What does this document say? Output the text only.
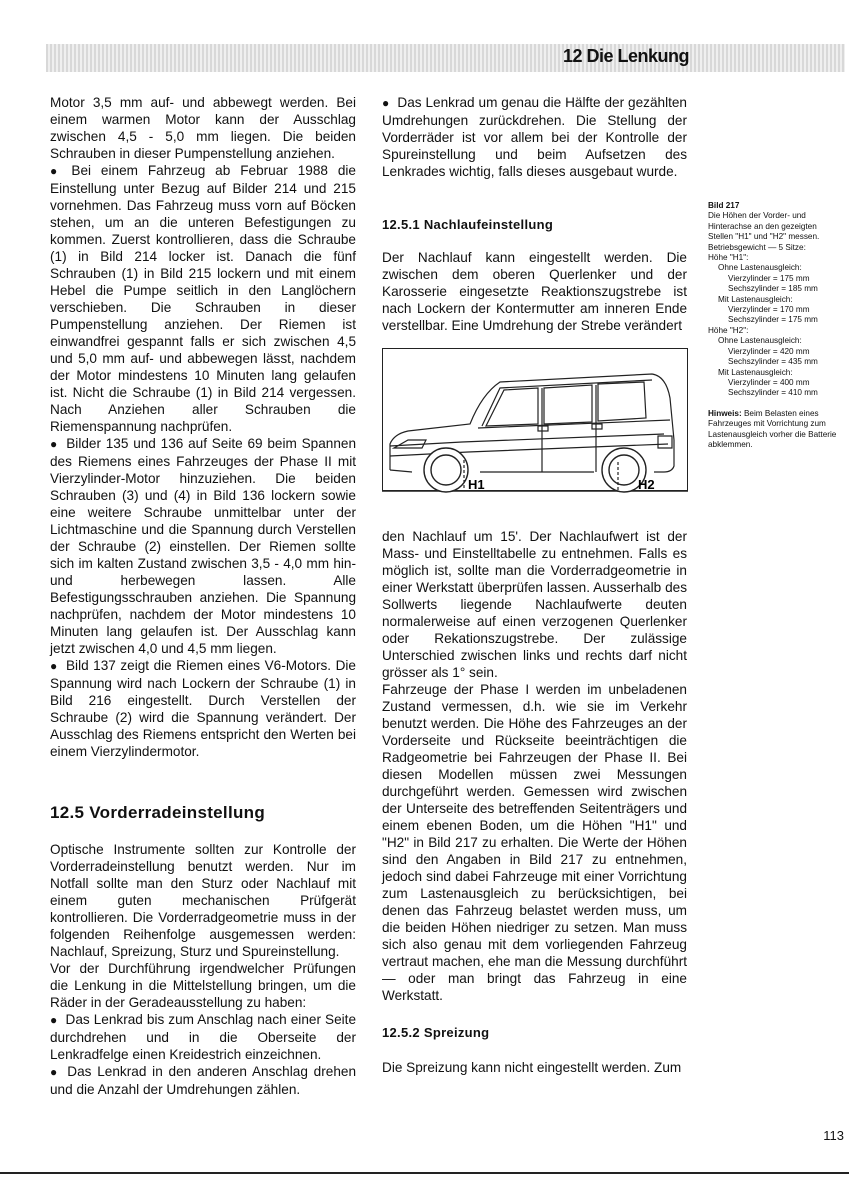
12 Die Lenkung

Motor 3,5 mm auf- und abbewegt werden. Bei einem warmen Motor kann der Ausschlag zwischen 4,5 - 5,0 mm liegen. Die beiden Schrauben in dieser Pumpenstellung anziehen.

● Bei einem Fahrzeug ab Februar 1988 die Einstellung unter Bezug auf Bilder 214 und 215 vornehmen. Das Fahrzeug muss vorn auf Böcken stehen, um an die unteren Befestigungen zu kommen. Zuerst kontrollieren, dass die Schraube (1) in Bild 214 locker ist. Danach die fünf Schrauben (1) in Bild 215 lockern und mit einem Hebel die Pumpe seitlich in den Langlöchern verschieben. Die Schrauben in dieser Pumpenstellung anziehen. Der Riemen ist einwandfrei gespannt falls er sich zwischen 4,5 und 5,0 mm auf- und abbewegen lässt, nachdem der Motor mindestens 10 Minuten lang gelaufen ist. Nicht die Schraube (1) in Bild 214 vergessen. Nach Anziehen aller Schrauben die Riemenspannung nachprüfen.

● Bilder 135 und 136 auf Seite 69 beim Spannen des Riemens eines Fahrzeuges der Phase II mit Vierzylinder-Motor hinzuziehen. Die beiden Schrauben (3) und (4) in Bild 136 lockern sowie eine weitere Schraube unmittelbar unter der Lichtmaschine und die Spannung durch Verstellen der Schraube (2) einstellen. Der Riemen sollte sich im kalten Zustand zwischen 3,5 - 4,0 mm hin- und herbewegen lassen. Alle Befestigungsschrauben anziehen. Die Spannung nachprüfen, nachdem der Motor mindestens 10 Minuten lang gelaufen ist. Der Ausschlag kann jetzt zwischen 4,0 und 4,5 mm liegen.

● Bild 137 zeigt die Riemen eines V6-Motors. Die Spannung wird nach Lockern der Schraube (1) in Bild 216 eingestellt. Durch Verstellen der Schraube (2) wird die Spannung verändert. Der Ausschlag des Riemens entspricht den Werten bei einem Vierzylindermotor.

12.5 Vorderradeinstellung

Optische Instrumente sollten zur Kontrolle der Vorderradeinstellung benutzt werden. Nur im Notfall sollte man den Sturz oder Nachlauf mit einem guten mechanischen Prüfgerät kontrollieren. Die Vorderradgeometrie muss in der folgenden Reihenfolge ausgemessen werden: Nachlauf, Spreizung, Sturz und Spureinstellung.

Vor der Durchführung irgendwelcher Prüfungen die Lenkung in die Mittelstellung bringen, um die Räder in der Geradeausstellung zu haben:

● Das Lenkrad bis zum Anschlag nach einer Seite durchdrehen und in die Oberseite der Lenkradfelge einen Kreidestrich einzeichnen.

● Das Lenkrad in den anderen Anschlag drehen und die Anzahl der Umdrehungen zählen.

● Das Lenkrad um genau die Hälfte der gezählten Umdrehungen zurückdrehen. Die Stellung der Vorderräder ist vor allem bei der Kontrolle der Spureinstellung und beim Aufsetzen des Lenkrades wichtig, falls dieses ausgebaut wurde.

12.5.1 Nachlaufeinstellung

Der Nachlauf kann eingestellt werden. Die zwischen dem oberen Querlenker und der Karosserie eingesetzte Reaktionszugstrebe ist nach Lockern der Kontermutter am inneren Ende verstellbar. Eine Umdrehung der Strebe verändert

H1	H2

den Nachlauf um 15'. Der Nachlaufwert ist der Mass- und Einstelltabelle zu entnehmen. Falls es möglich ist, sollte man die Vorderradgeometrie in einer Werkstatt überprüfen lassen. Ausserhalb des Sollwerts liegende Nachlaufwerte deuten normalerweise auf einen verzogenen Querlenker oder Rekationszugstrebe. Der zulässige Unterschied zwischen links und rechts darf nicht grösser als 1° sein.

Fahrzeuge der Phase I werden im unbeladenen Zustand vermessen, d.h. wie sie im Verkehr benutzt werden. Die Höhe des Fahrzeuges an der Vorderseite und Rückseite beeinträchtigen die Radgeometrie bei Fahrzeugen der Phase II. Bei diesen Modellen müssen zwei Messungen durchgeführt werden. Gemessen wird zwischen der Unterseite des betreffenden Seitenträgers und einem ebenen Boden, um die Höhen "H1" und "H2" in Bild 217 zu erhalten. Die Werte der Höhen sind den Angaben in Bild 217 zu entnehmen, jedoch sind dabei Fahrzeuge mit einer Vorrichtung zum Lastenausgleich zu berücksichtigen, bei denen das Fahrzeug belastet werden muss, um die beiden Höhen niedriger zu setzen. Man muss sich also genau mit dem vorliegenden Fahrzeug vertraut machen, ehe man die Messung durchführt — oder man bringt das Fahrzeug in eine Werkstatt.

12.5.2 Spreizung

Die Spreizung kann nicht eingestellt werden. Zum

Bild 217
Die Höhen der Vorder- und Hinterachse an den gezeigten Stellen "H1" und "H2" messen.
Betriebsgewicht — 5 Sitze:
Höhe "H1":
Ohne Lastenausgleich:
Vierzylinder = 175 mm
Sechszylinder = 185 mm
Mit Lastenausgleich:
Vierzylinder = 170 mm
Sechszylinder = 175 mm
Höhe "H2":
Ohne Lastenausgleich:
Vierzylinder = 420 mm
Sechszylinder = 435 mm
Mit Lastenausgleich:
Vierzylinder = 400 mm
Sechszylinder = 410 mm
Hinweis: Beim Belasten eines Fahrzeuges mit Vorrichtung zum Lastenausgleich vorher die Batterie abklemmen.
113
